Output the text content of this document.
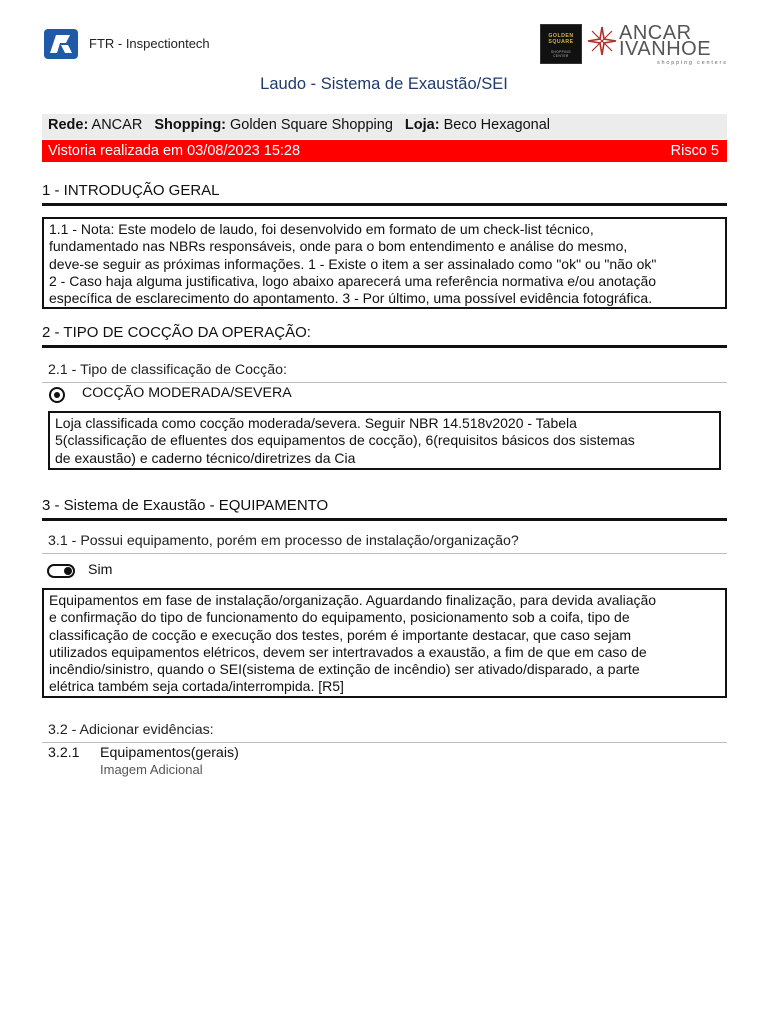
FTR - Inspectiontech	GOLDEN
SQUARE
SHOPPING
CENTER
ANCAR
IVANHOE
shopping centers
Laudo - Sistema de Exaustão/SEI
Rede: ANCAR Shopping: Golden Square Shopping Loja: Beco Hexagonal
Vistoria realizada em 03/08/2023 15:28	Risco 5
1 - INTRODUÇÃO GERAL
1.1 - Nota: Este modelo de laudo, foi desenvolvido em formato de um check-list técnico,
fundamentado nas NBRs responsáveis, onde para o bom entendimento e análise do mesmo,
deve-se seguir as próximas informações. 1 - Existe o item a ser assinalado como "ok" ou "não ok"
2 - Caso haja alguma justificativa, logo abaixo aparecerá uma referência normativa e/ou anotação
específica de esclarecimento do apontamento. 3 - Por último, uma possível evidência fotográfica.
2 - TIPO DE COCÇÃO DA OPERAÇÃO:
2.1 - Tipo de classificação de Cocção:
COCÇÃO MODERADA/SEVERA
Loja classificada como cocção moderada/severa. Seguir NBR 14.518v2020 - Tabela
5(classificação de efluentes dos equipamentos de cocção), 6(requisitos básicos dos sistemas
de exaustão) e caderno técnico/diretrizes da Cia
3 - Sistema de Exaustão - EQUIPAMENTO
3.1 - Possui equipamento, porém em processo de instalação/organização?
Sim
Equipamentos em fase de instalação/organização. Aguardando finalização, para devida avaliação
e confirmação do tipo de funcionamento do equipamento, posicionamento sob a coifa, tipo de
classificação de cocção e execução dos testes, porém é importante destacar, que caso sejam
utilizados equipamentos elétricos, devem ser intertravados a exaustão, a fim de que em caso de
incêndio/sinistro, quando o SEI(sistema de extinção de incêndio) ser ativado/disparado, a parte
elétrica também seja cortada/interrompida. [R5]
3.2 - Adicionar evidências:
3.2.1 Equipamentos(gerais)
Imagem Adicional
